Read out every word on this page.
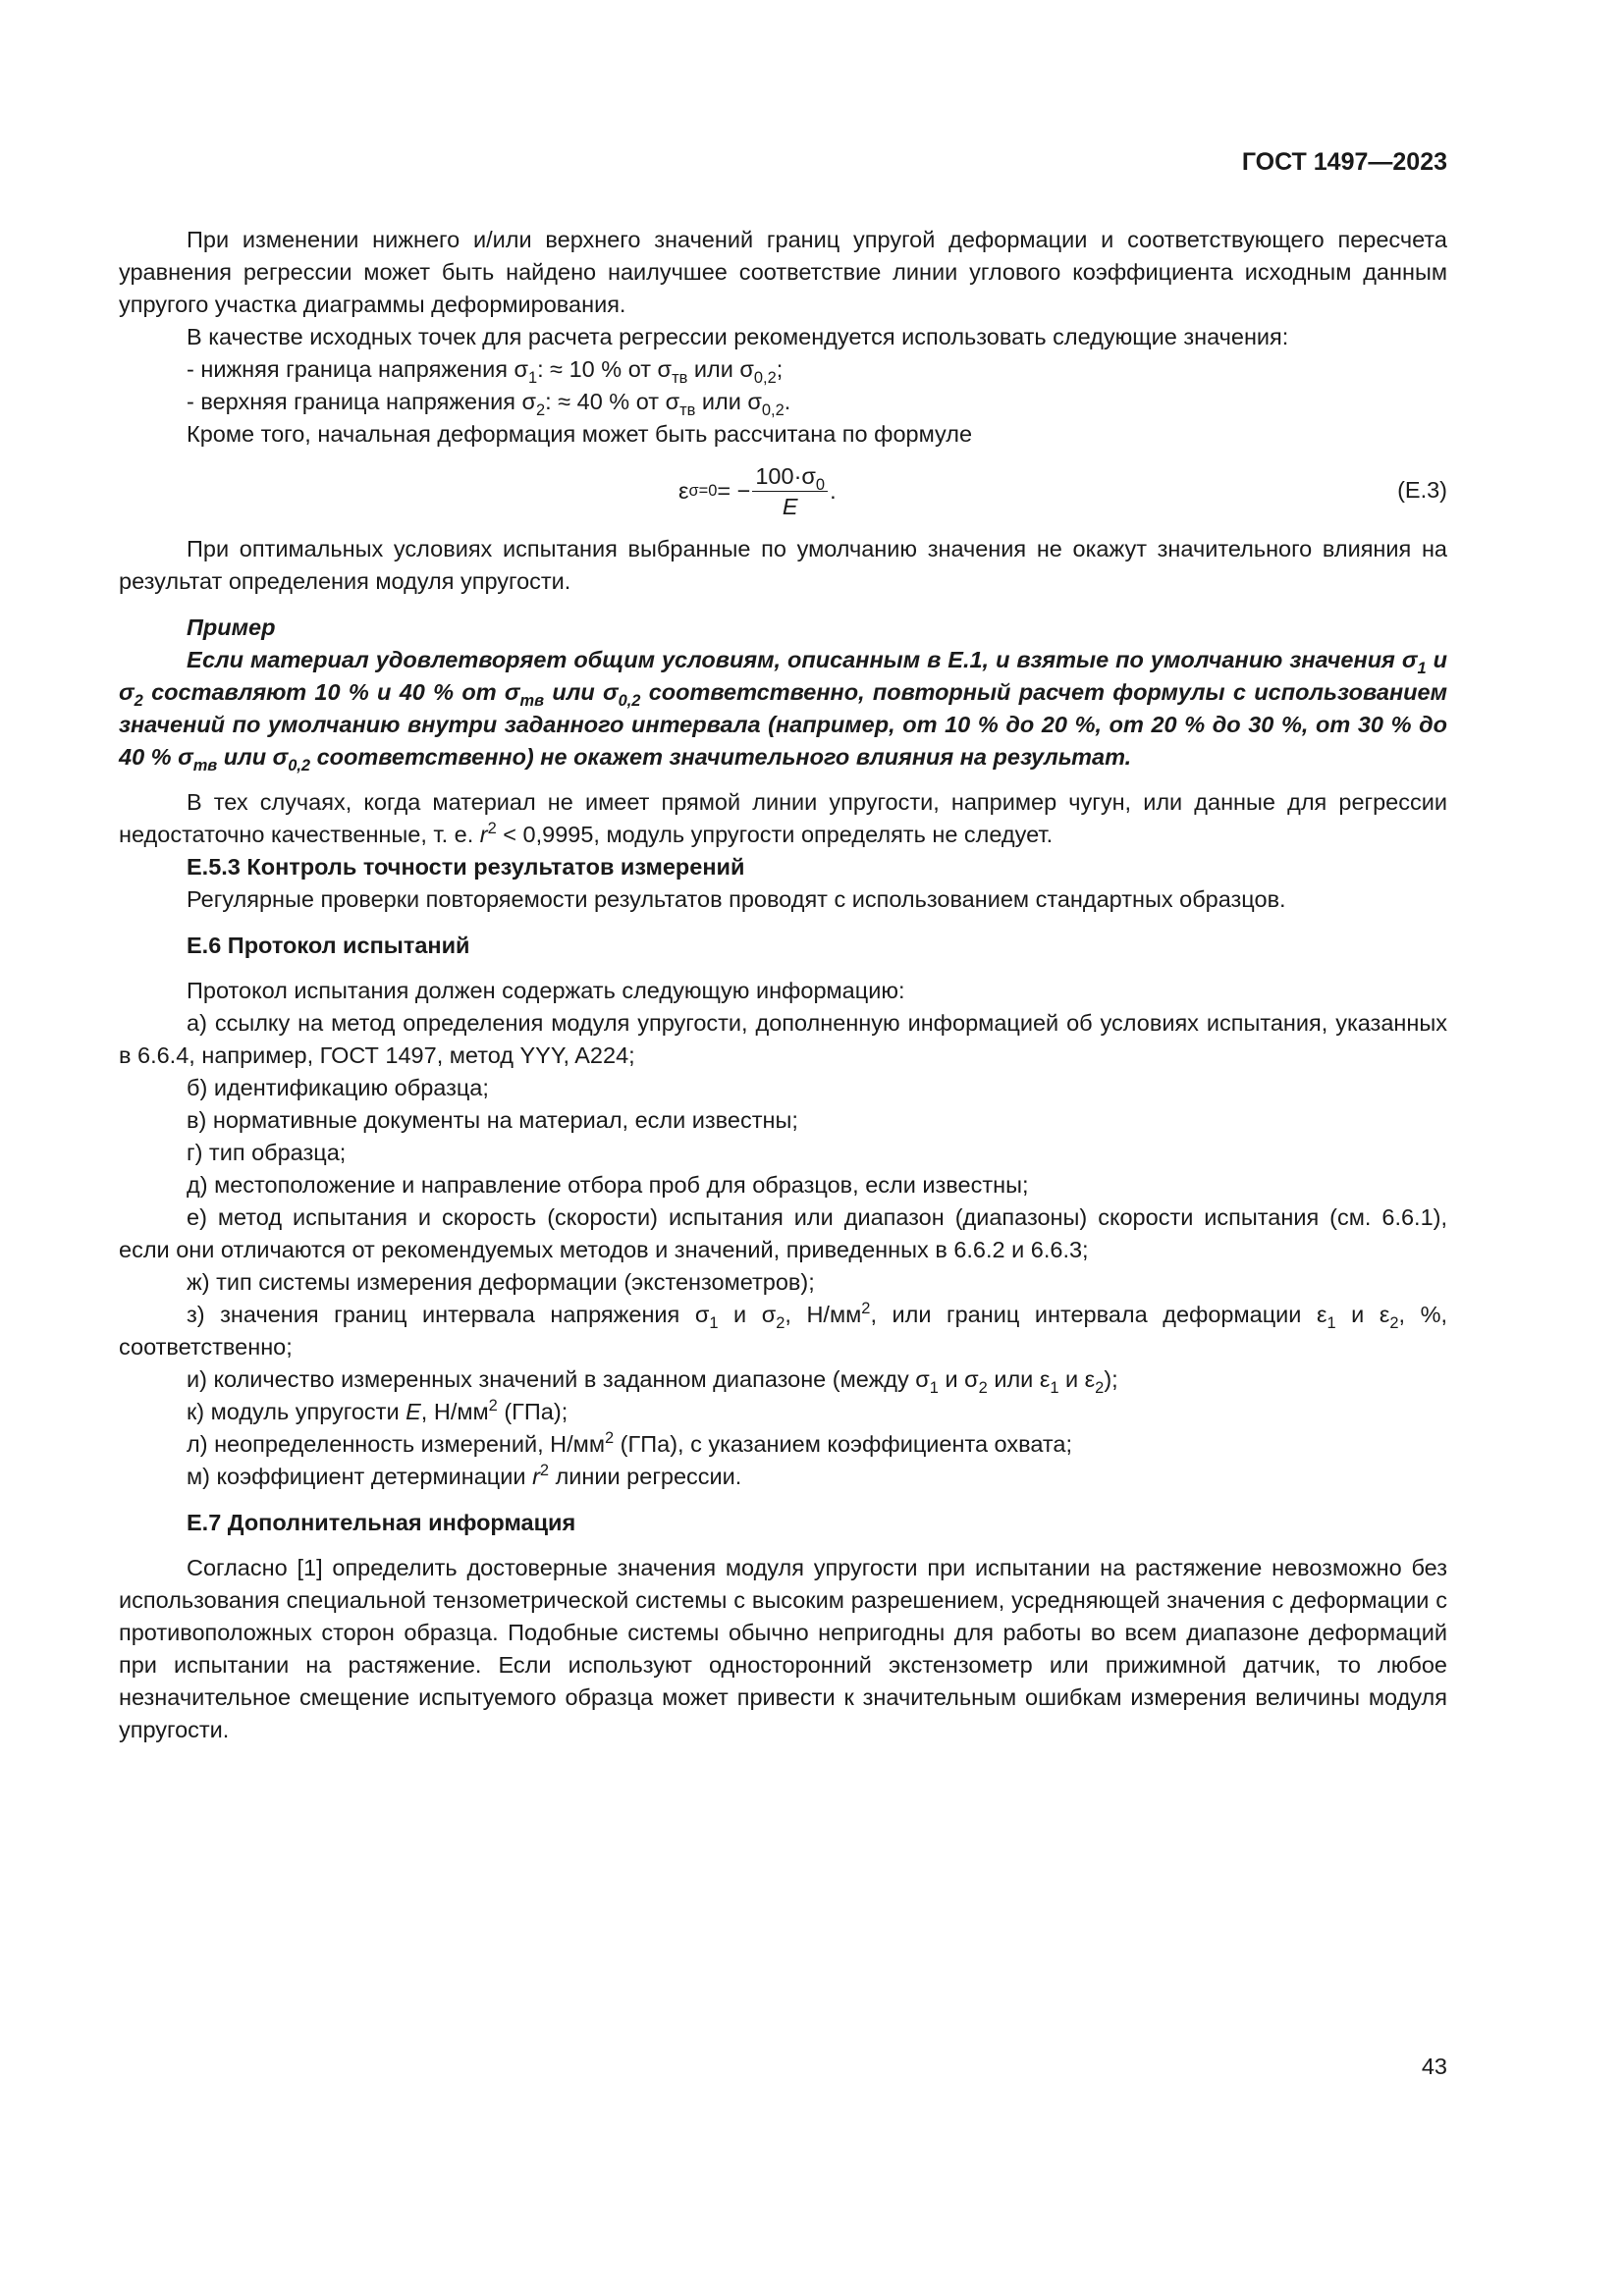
ГОСТ 1497—2023

При изменении нижнего и/или верхнего значений границ упругой деформации и соответствующего пересчета уравнения регрессии может быть найдено наилучшее соответствие линии углового коэффициента исходным данным упругого участка диаграммы деформирования.

В качестве исходных точек для расчета регрессии рекомендуется использовать следующие значения:

- нижняя граница напряжения $\sigma_1$: ≈ 10 % от $\sigma_{тв}$ или $\sigma_{0,2}$;

- верхняя граница напряжения $\sigma_2$: ≈ 40 % от $\sigma_{тв}$ или $\sigma_{0,2}$.

Кроме того, начальная деформация может быть рассчитана по формуле

ε σ=0 = − $\frac{100\cdot\sigma_0}{E}$ .	(Е.3)

При оптимальных условиях испытания выбранные по умолчанию значения не окажут значительного влияния на результат определения модуля упругости.

Пример

Если материал удовлетворяет общим условиям, описанным в Е.1, и взятые по умолчанию значения $\sigma_1$ и $\sigma_2$ составляют 10 % и 40 % от $\sigma_{тв}$ или $\sigma_{0,2}$ соответственно, повторный расчет формулы с использованием значений по умолчанию внутри заданного интервала (например, от 10 % до 20 %, от 20 % до 30 %, от 30 % до 40 % $\sigma_{тв}$ или $\sigma_{0,2}$ соответственно) не окажет значительного влияния на результат.

В тех случаях, когда материал не имеет прямой линии упругости, например чугун, или данные для регрессии недостаточно качественные, т. е. $r^2 < 0,9995$, модуль упругости определять не следует.

Е.5.3 Контроль точности результатов измерений

Регулярные проверки повторяемости результатов проводят с использованием стандартных образцов.

Е.6 Протокол испытаний

Протокол испытания должен содержать следующую информацию:

а) ссылку на метод определения модуля упругости, дополненную информацией об условиях испытания, указанных в 6.6.4, например, ГОСТ 1497, метод YYY, A224;

б) идентификацию образца;

в) нормативные документы на материал, если известны;

г) тип образца;

д) местоположение и направление отбора проб для образцов, если известны;

е) метод испытания и скорость (скорости) испытания или диапазон (диапазоны) скорости испытания (см. 6.6.1), если они отличаются от рекомендуемых методов и значений, приведенных в 6.6.2 и 6.6.3;

ж) тип системы измерения деформации (экстензометров);

з) значения границ интервала напряжения $\sigma_1$ и $\sigma_2$, $Н/мм^2$, или границ интервала деформации $\varepsilon_1$ и $\varepsilon_2$, %, соответственно;

и) количество измеренных значений в заданном диапазоне (между $\sigma_1$ и $\sigma_2$ или $\varepsilon_1$ и $\varepsilon_2$);

к) модуль упругости E, $Н/мм^2$ (ГПа);

л) неопределенность измерений, $Н/мм^2$ (ГПа), с указанием коэффициента охвата;

м) коэффициент детерминации $r^2$ линии регрессии.

Е.7 Дополнительная информация

Согласно [1] определить достоверные значения модуля упругости при испытании на растяжение невозможно без использования специальной тензометрической системы с высоким разрешением, усредняющей значения с деформации с противоположных сторон образца. Подобные системы обычно непригодны для работы во всем диапазоне деформаций при испытании на растяжение. Если используют односторонний экстензометр или прижимной датчик, то любое незначительное смещение испытуемого образца может привести к значительным ошибкам измерения величины модуля упругости.

43
